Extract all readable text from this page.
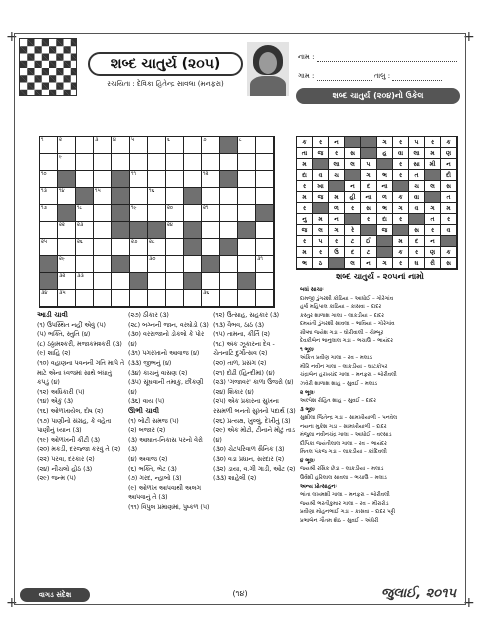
+	+
+	+
શબ્દ ચાતુર્ય (૨૦૫)
રચયિતા : દેવિકા હિતેન્દ્ર સાવલા (મનફરા)
નામ :
ગામ :	તાલુ :
શબ્દ ચાતુર્ય (૨૦૪)નો ઉકેલ
૧	૨	૩	૪	૫	૬	૭	૮
૯
૧૦	૧૧	૧૨
૧૩ ૧૪	૧૫	૧૬
૧૭	૧૮	૧૯	૨૦	૨૧
૨૨ ૨૩	૨૪
૨૫	૨૬	૨૭ ૨૮
૨૯	૩૦	૩૧
૩૨ ૩૩
૩૪ ૩૫	૩૬
ક	ર	ન	ગ	ર	પ	ર	ક
તા	જ	ર	સ	હ	વા	લા	મ	ણ
મ	લા	લ	પ	ર	સા	મી	ન
દા	વ	ચ	ગ	ભ	ર	ત	દી
ર	ખા	ન	દ	ના	ચ	લ	સ
મ	જ	મ	હી	ના	ળ	ક	વા	ત
ર	ળ	ર	સ	ભ	ગ	વ	ગ	મ
નુ	મ	ન	ર	દા	ર	ત	ર
જ	લ	ગ	રે	જ	સ	ર	વ
ર	પ	ર	ટ	ઈ	મ	દ	ન
મ	ર	ઉ	દ	ટ	ક	ર	ણ	ક
ભ	ઠ	લ	ન	ગ	ર	ઘ	રી	સ
શબ્દ ચાતુર્ય - ૨૦૫નાં નામો
બધાં સાચાઃ
દામજી ડુંગરશી કોઠિયા – આધોઈ – ગોરેગાંવ
હર્ષા મહિપાલ કાઠિયા – કાસવા – દાદર
કસ્તુર શાળાશ ગાલા – લાકડીયા – દાદર
દમયંતી ડુંગરશી સાવલા – ભાવિયા – ગોરેગાંવ
ગ્રીષ્મા જયેશ ગડા – ઘોરીવાલી – ચેમ્બૂર
દેવકીબેન ભાનુલાલ ગડા – ભચાઉ – ભાયંદર
૧ ભૂલઃ
અંકિત પ્રવીણ ગાલા – રવ – મલાડ
મીરિ નવીન ગાલા – લાકડીયા – ઘાટકોપર
ચંદ્રાબેન હરખચંદ ગાલા – મનફરા – બોરીવલી
ઝવેરી શાળાશ શાહ – સુવઈ – મલાડ
૨ ભૂલઃ
અલ્પેશ રોહિત શાહ – સુવઈ – દાદર
૩ ભૂલઃ
સુશીલા જિતેન્દ્ર ગડા – સામખીયાળી – પનવેલ
નયના મુકેશ ગડા – સામખીયાળી – દાદર
મંજુલા નવીનચંદ્ર ગાલા – આધોઈ – વલ્સાડ
દીપિકા જયંતીલાલ ગાલા – રવ – ભાયંદર
મિતલ પંકજ ગડા – લાકડીયા – કાંદિવલી
૪ ભૂલઃ
જયશ્રી રસિક છેડા – લાકડીયા – મલાડ
ઉર્વશી હરિલાલ સાવલા – ભચાઉ – મલાડ
અન્ય પ્રોત્સાહનઃ
ભાંતા લખમશી ગાલા – મનફરા – બોરીવલી
જયશ્રી ભરતીકુમાર ગાલા – રવ – મીરારોડ
પ્રવીણા મોહનભાઈ ગડા – કાસવા – દાદર પટ્ટી
પ્રભાબેન ગૌતમ શેઠ – સુવઈ – અંધેરી
આડી ચાવી
(૧) ઉપસ્થિત નહીં એવું (૫)
(૫) ભક્તિ, સ્તુતિ (૪)
(૮) ઠઠ્ઠામશ્કરી, મજાકમશ્કરી (૩)
(૯) શાહિ (૨)
(૧૦) વહાણના પવનની ગતિ માપે તે માટે એના ધ્વજમાં સાથે બંધાતું કપડું (૪)
(૧૨) અધિકારી (૫)
(૧૪) એકું (૩)
(૧૬) ઓળખાયેલ, દોષ (૨)
(૧૭) પાણીનો સંગ્રહ, કે વહેતા પાણીનું ધ્યાન (૩)
(૧૯) ઓળખની કીટી (૩)
(૨૦) મકડી, દરજ્જા કરવું તે (૨)
(૨૨) પરવા, દરકાર (૨)
(૨૪) નીચલો હોઠ (૩)
(૨૯) જન્મ (૫)
(૨૭) ઠીકાર (૩)
(૨૮) બગ્નની જાન, વરઘોડો (૩)
(૩૦) વરરાજાનો ડોકલો કે પોર (૪)
(૩૧) પગરખાનો આવાજ (૪)
(૩૩) જીભનું (૪)
(૩૪) કાચનું વાસણ (૨)
(૩૫) સૂંઘવાની તમાકુ, છીંકણી (૪)
(૩૬) વાય (૫)
ઊભી ચાવી
(૧) બોટી સમજ (૫)
(૨) બજાર (૨)
(૩) આઘાત-નિકાસ પરનો વેરો (૩)
(૪) અવાજ (૨)
(૬) ભક્તિ, ભેટ (૩)
(૭) ગરદ, ન્હાબો (૩)
(૯) ઓળખ આપવાથી અલગ આપવાનું તે (૩)
(૧૧) વિપુલ પ્રમાણમાં, પુષ્કળ (૫)
(૧૨) ઉત્સાહ, સહકાર (૩)
(૧૩) વૈભવ, ઠાઠ (૩)
(૧૫) તામના, કીર્તિ (૨)
(૧૮) અંક ઝૂકારના દેવ - ચેતનાટિ દુર્ગોત્સવ (૨)
(૨૦) તાળ, પ્રસંગ (૨)
(૨૧) દોઢી (હિન્દીમાં) (૪)
(૨૩) 'ગજાવર' કાળા ઉજરો (૪)
(૨૪) શિકાર (૪)
(૨૫) એક પ્રકારના સુખના રસમળી બનતો સુખનો પદાર્થ (૩)
(૨૬) પ્રત્યક્ષ, ખુલ્લું, દેખીતું (૩)
(૨૯) એક મોટો, ટીનાને મોટું તાડ (૪)
(૩૦) ચેટપરિવાળ સૈનિક (૩)
(૩૦) વડા પ્રધાન, સરદાર (૨)
(૩૨) ડાયા, વ.ગી ગાડી, ઓંટ (૨)
(૩૩) શાહેલી (૨)
વાગડ સંદેશ	(૧૪)	જુલાઈ, ૨૦૧૫
